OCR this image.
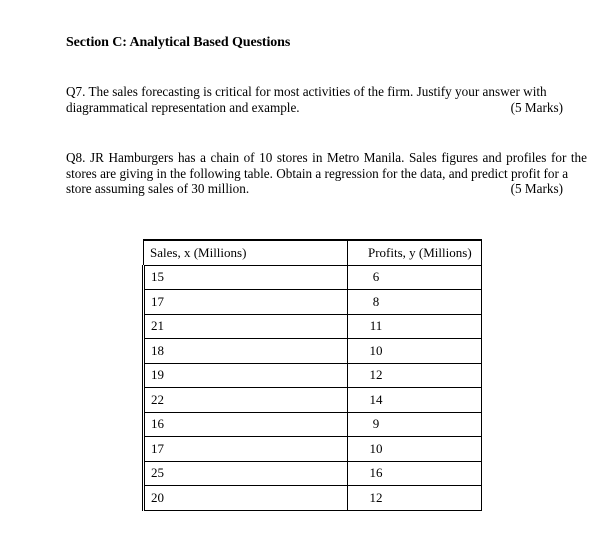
Section C: Analytical Based Questions
Q7. The sales forecasting is critical for most activities of the firm. Justify your answer with
diagrammatical representation and example.	(5 Marks)
Q8. JR Hamburgers has a chain of 10 stores in Metro Manila. Sales figures and profiles for the stores are giving in the following table. Obtain a regression for the data, and predict profit for a
store assuming sales of 30 million.	(5 Marks)
Sales, x (Millions)	Profits, y (Millions)
15	6
17	8
21	11
18	10
19	12
22	14
16	9
17	10
25	16
20	12
